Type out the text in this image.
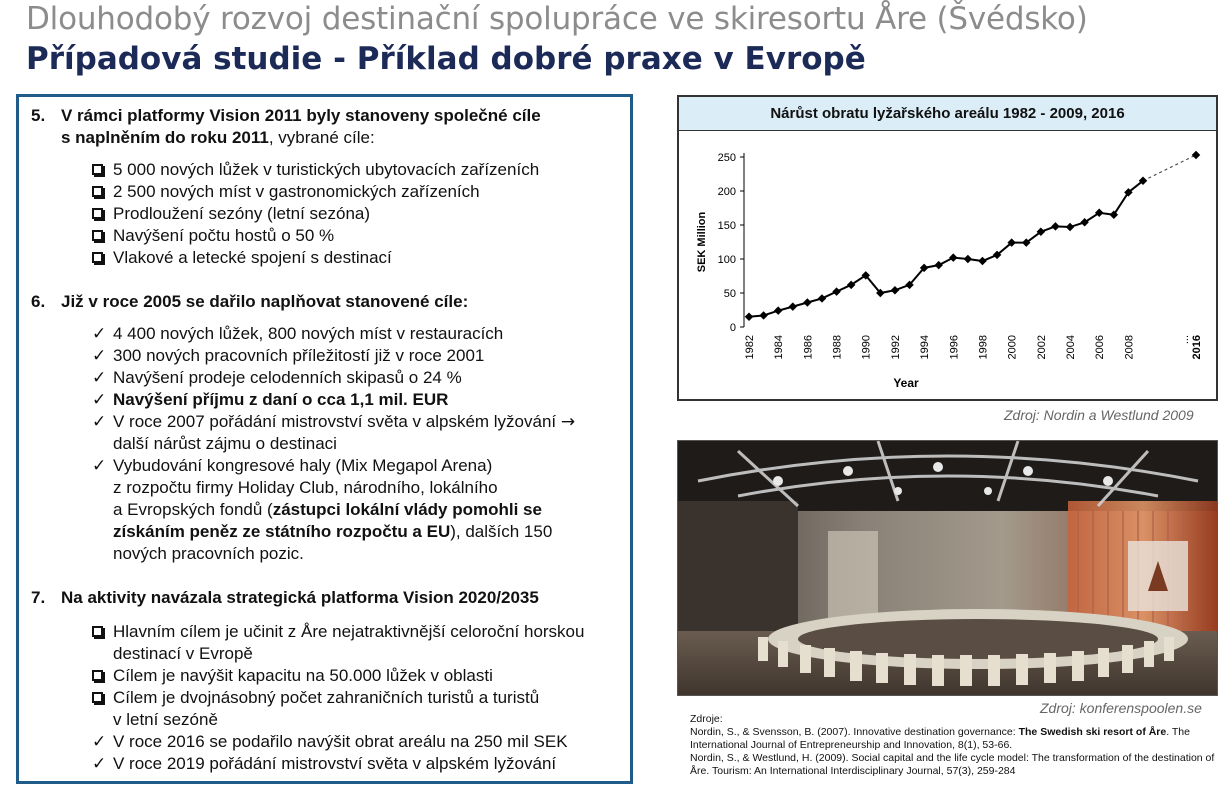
Dlouhodobý rozvoj destinační spolupráce ve skiresortu Åre (Švédsko)
Případová studie - Příklad dobré praxe v Evropě
5. V rámci platformy Vision 2011 byly stanoveny společné cíle
s naplněním do roku 2011, vybrané cíle:
5 000 nových lůžek v turistických ubytovacích zařízeních
2 500 nových míst v gastronomických zařízeních
Prodloužení sezóny (letní sezóna)
Navýšení počtu hostů o 50 %
Vlakové a letecké spojení s destinací
6. Již v roce 2005 se dařilo naplňovat stanovené cíle:
✓ 4 400 nových lůžek, 800 nových míst v restauracích
✓ 300 nových pracovních příležitostí již v roce 2001
✓ Navýšení prodeje celodenních skipasů o 24 %
✓ Navýšení příjmu z daní o cca 1,1 mil. EUR
✓ V roce 2007 pořádání mistrovství světa v alpském lyžování →
další nárůst zájmu o destinaci
✓ Vybudování kongresové haly (Mix Megapol Arena)
z rozpočtu firmy Holiday Club, národního, lokálního
a Evropských fondů (zástupci lokální vlády pomohli se
získáním peněz ze státního rozpočtu a EU), dalších 150
nových pracovních pozic.
7. Na aktivity navázala strategická platforma Vision 2020/2035
Hlavním cílem je učinit z Åre nejatraktivnější celoroční horskou
destinací v Evropě
Cílem je navýšit kapacitu na 50.000 lůžek v oblasti
Cílem je dvojnásobný počet zahraničních turistů a turistů
v letní sezóně
✓ V roce 2016 se podařilo navýšit obrat areálu na 250 mil SEK
✓ V roce 2019 pořádání mistrovství světa v alpském lyžování
Nárůst obratu lyžařského areálu 1982 - 2009, 2016
0
50
100
150
200
250
SEK Million
1982 1984 1986 1988 1990 1992 1994 1996 1998 2000 2002 2004 2006 2008	... 2016
Year
Zdroj: Nordin a Westlund 2009
Zdroj: konferenspoolen.se
Zdroje:
Nordin, S., & Svensson, B. (2007). Innovative destination governance: The Swedish ski resort of Åre. The International Journal of Entrepreneurship and Innovation, 8(1), 53-66.
Nordin, S., & Westlund, H. (2009). Social capital and the life cycle model: The transformation of the destination of Åre. Tourism: An International Interdisciplinary Journal, 57(3), 259-284
